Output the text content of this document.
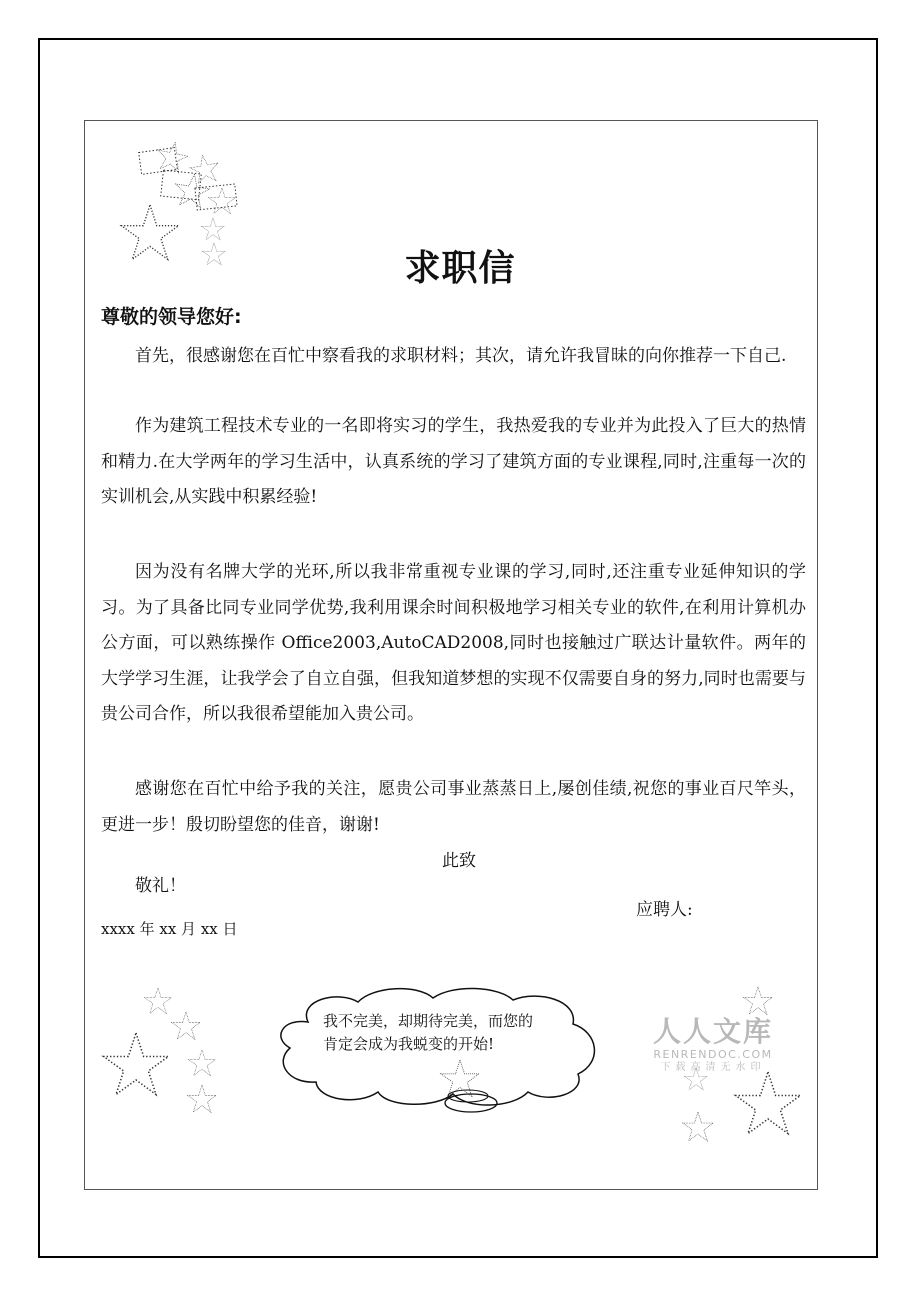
求职信
尊敬的领导您好:

首先，很感谢您在百忙中察看我的求职材料；其次，请允许我冒昧的向你推荐一下自己.

作为建筑工程技术专业的一名即将实习的学生，我热爱我的专业并为此投入了巨大的热情和精力.在大学两年的学习生活中，认真系统的学习了建筑方面的专业课程,同时,注重每一次的实训机会,从实践中积累经验!

因为没有名牌大学的光环,所以我非常重视专业课的学习,同时,还注重专业延伸知识的学习。为了具备比同专业同学优势,我利用课余时间积极地学习相关专业的软件,在利用计算机办公方面，可以熟练操作 Office2003,AutoCAD2008,同时也接触过广联达计量软件。两年的大学学习生涯，让我学会了自立自强，但我知道梦想的实现不仅需要自身的努力,同时也需要与贵公司合作，所以我很希望能加入贵公司。

感谢您在百忙中给予我的关注，愿贵公司事业蒸蒸日上,屡创佳绩,祝您的事业百尺竿头，更进一步！殷切盼望您的佳音，谢谢!

此致
敬礼！
应聘人:
xxxx 年 xx 月 xx 日
我不完美，却期待完美，而您的肯定会成为我蜕变的开始!	人人文库
RENRENDOC.COM
下载高清无水印
